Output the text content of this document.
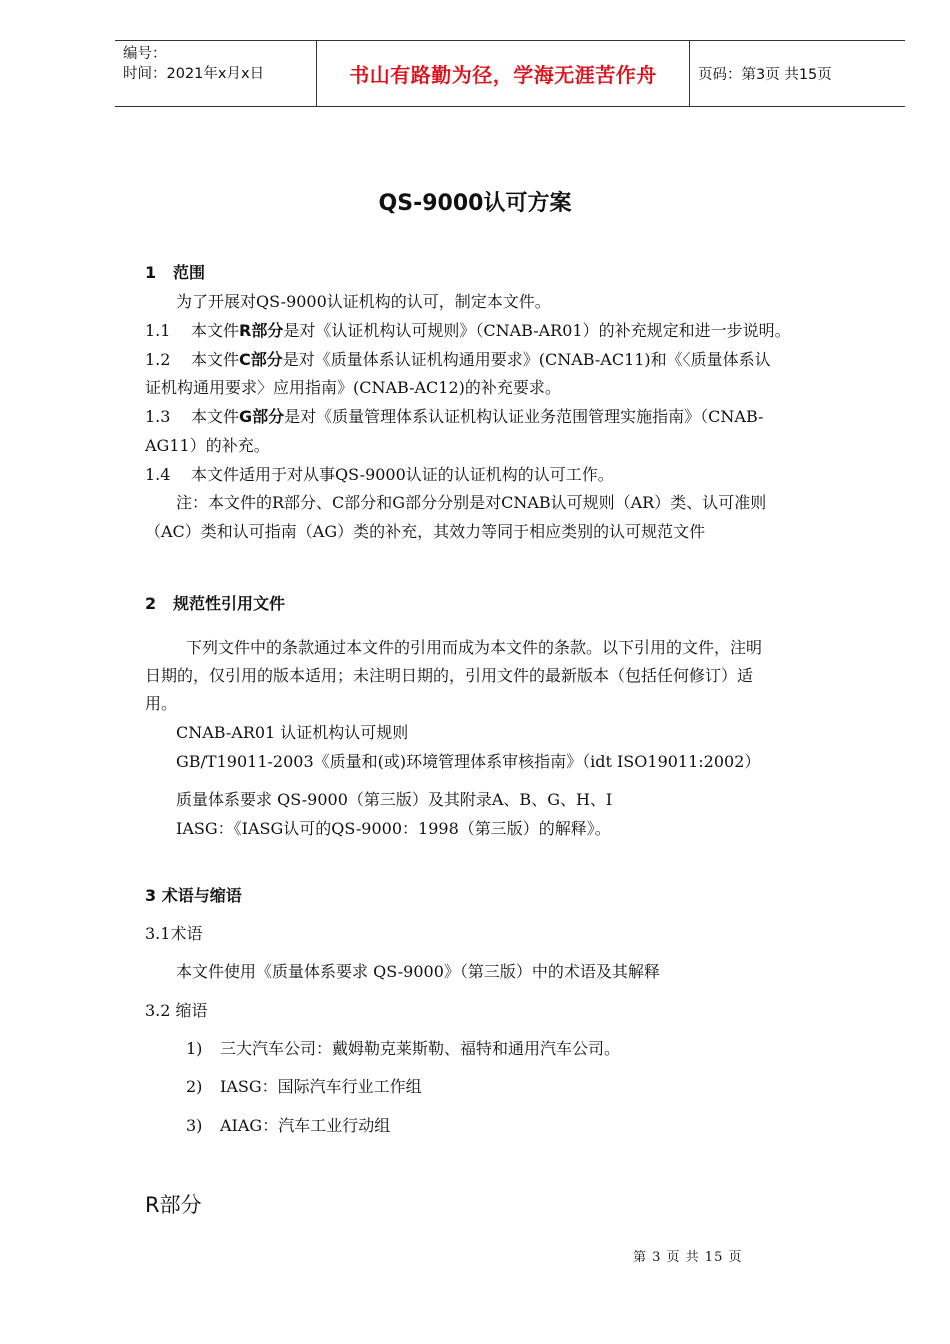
编号：
时间：2021年x月x日	书山有路勤为径，学海无涯苦作舟	页码：第3页 共15页
QS-9000认可方案
1 范围
为了开展对QS-9000认证机构的认可，制定本文件。
1.1 本文件R部分是对《认证机构认可规则》（CNAB-AR01）的补充规定和进一步说明。
1.2 本文件C部分是对《质量体系认证机构通用要求》(CNAB-AC11)和《〈质量体系认
证机构通用要求〉应用指南》(CNAB-AC12)的补充要求。
1.3 本文件G部分是对《质量管理体系认证机构认证业务范围管理实施指南》（CNAB-
AG11）的补充。
1.4 本文件适用于对从事QS-9000认证的认证机构的认可工作。
注：本文件的R部分、C部分和G部分分别是对CNAB认可规则（AR）类、认可准则
（AC）类和认可指南（AG）类的补充，其效力等同于相应类别的认可规范文件
2 规范性引用文件
下列文件中的条款通过本文件的引用而成为本文件的条款。以下引用的文件，注明
日期的，仅引用的版本适用；未注明日期的，引用文件的最新版本（包括任何修订）适
用。
CNAB-AR01 认证机构认可规则
GB/T19011-2003《质量和(或)环境管理体系审核指南》（idt ISO19011:2002）
质量体系要求 QS-9000（第三版）及其附录A、B、G、H、I
IASG：《IASG认可的QS-9000：1998（第三版）的解释》。
3 术语与缩语
3.1术语
本文件使用《质量体系要求 QS-9000》（第三版）中的术语及其解释
3.2 缩语
1) 三大汽车公司：戴姆勒克莱斯勒、福特和通用汽车公司。
2) IASG：国际汽车行业工作组
3) AIAG：汽车工业行动组
R部分
第 3 页 共 15 页
